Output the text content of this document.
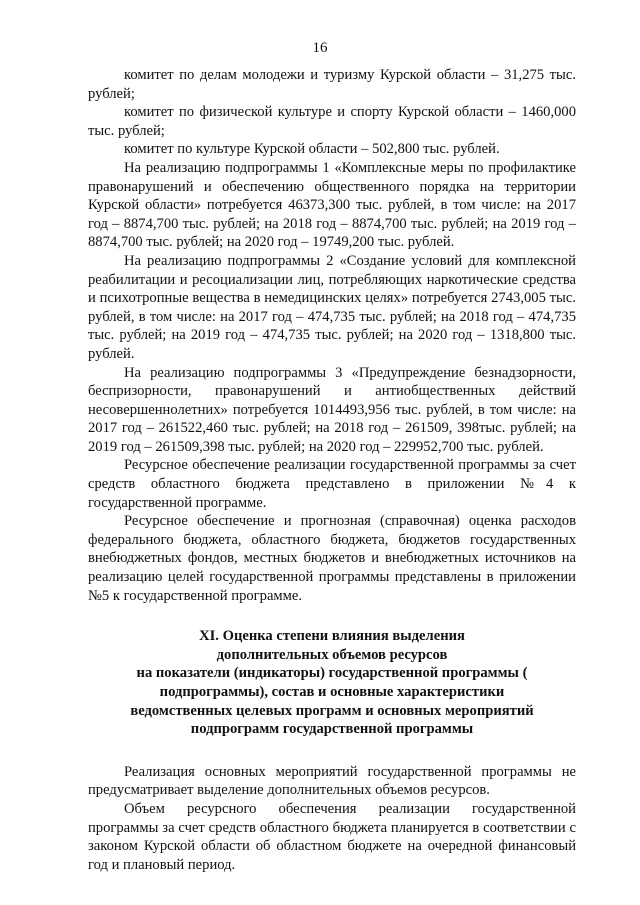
16

комитет по делам молодежи и туризму Курской области – 31,275 тыс. рублей;

комитет по физической культуре и спорту Курской области – 1460,000 тыс. рублей;

комитет по культуре Курской области – 502,800 тыс. рублей.

На реализацию подпрограммы 1 «Комплексные меры по профилактике правонарушений и обеспечению общественного порядка на территории Курской области» потребуется 46373,300 тыс. рублей, в том числе: на 2017 год – 8874,700 тыс. рублей; на 2018 год – 8874,700 тыс. рублей; на 2019 год – 8874,700 тыс. рублей; на 2020 год – 19749,200 тыс. рублей.

На реализацию подпрограммы 2 «Создание условий для комплексной реабилитации и ресоциализации лиц, потребляющих наркотические средства и психотропные вещества в немедицинских целях» потребуется 2743,005 тыс. рублей, в том числе: на 2017 год – 474,735 тыс. рублей; на 2018 год – 474,735 тыс. рублей; на 2019 год – 474,735 тыс. рублей; на 2020 год – 1318,800 тыс. рублей.

На реализацию подпрограммы 3 «Предупреждение безнадзорности, беспризорности, правонарушений и антиобщественных действий несовершеннолетних» потребуется 1014493,956 тыс. рублей, в том числе: на 2017 год – 261522,460 тыс. рублей; на 2018 год – 261509, 398тыс. рублей; на 2019 год – 261509,398 тыс. рублей; на 2020 год – 229952,700 тыс. рублей.

Ресурсное обеспечение реализации государственной программы за счет средств областного бюджета представлено в приложении №4 к государственной программе.

Ресурсное обеспечение и прогнозная (справочная) оценка расходов федерального бюджета, областного бюджета, бюджетов государственных внебюджетных фондов, местных бюджетов и внебюджетных источников на реализацию целей государственной программы представлены в приложении №5 к государственной программе.

XI. Оценка степени влияния выделения
дополнительных объемов ресурсов
на показатели (индикаторы) государственной программы (
подпрограммы), состав и основные характеристики
ведомственных целевых программ и основных мероприятий
подпрограмм государственной программы

Реализация основных мероприятий государственной программы не предусматривает выделение дополнительных объемов ресурсов.

Объем ресурсного обеспечения реализации государственной программы за счет средств областного бюджета планируется в соответствии с законом Курской области об областном бюджете на очередной финансовый год и плановый период.
